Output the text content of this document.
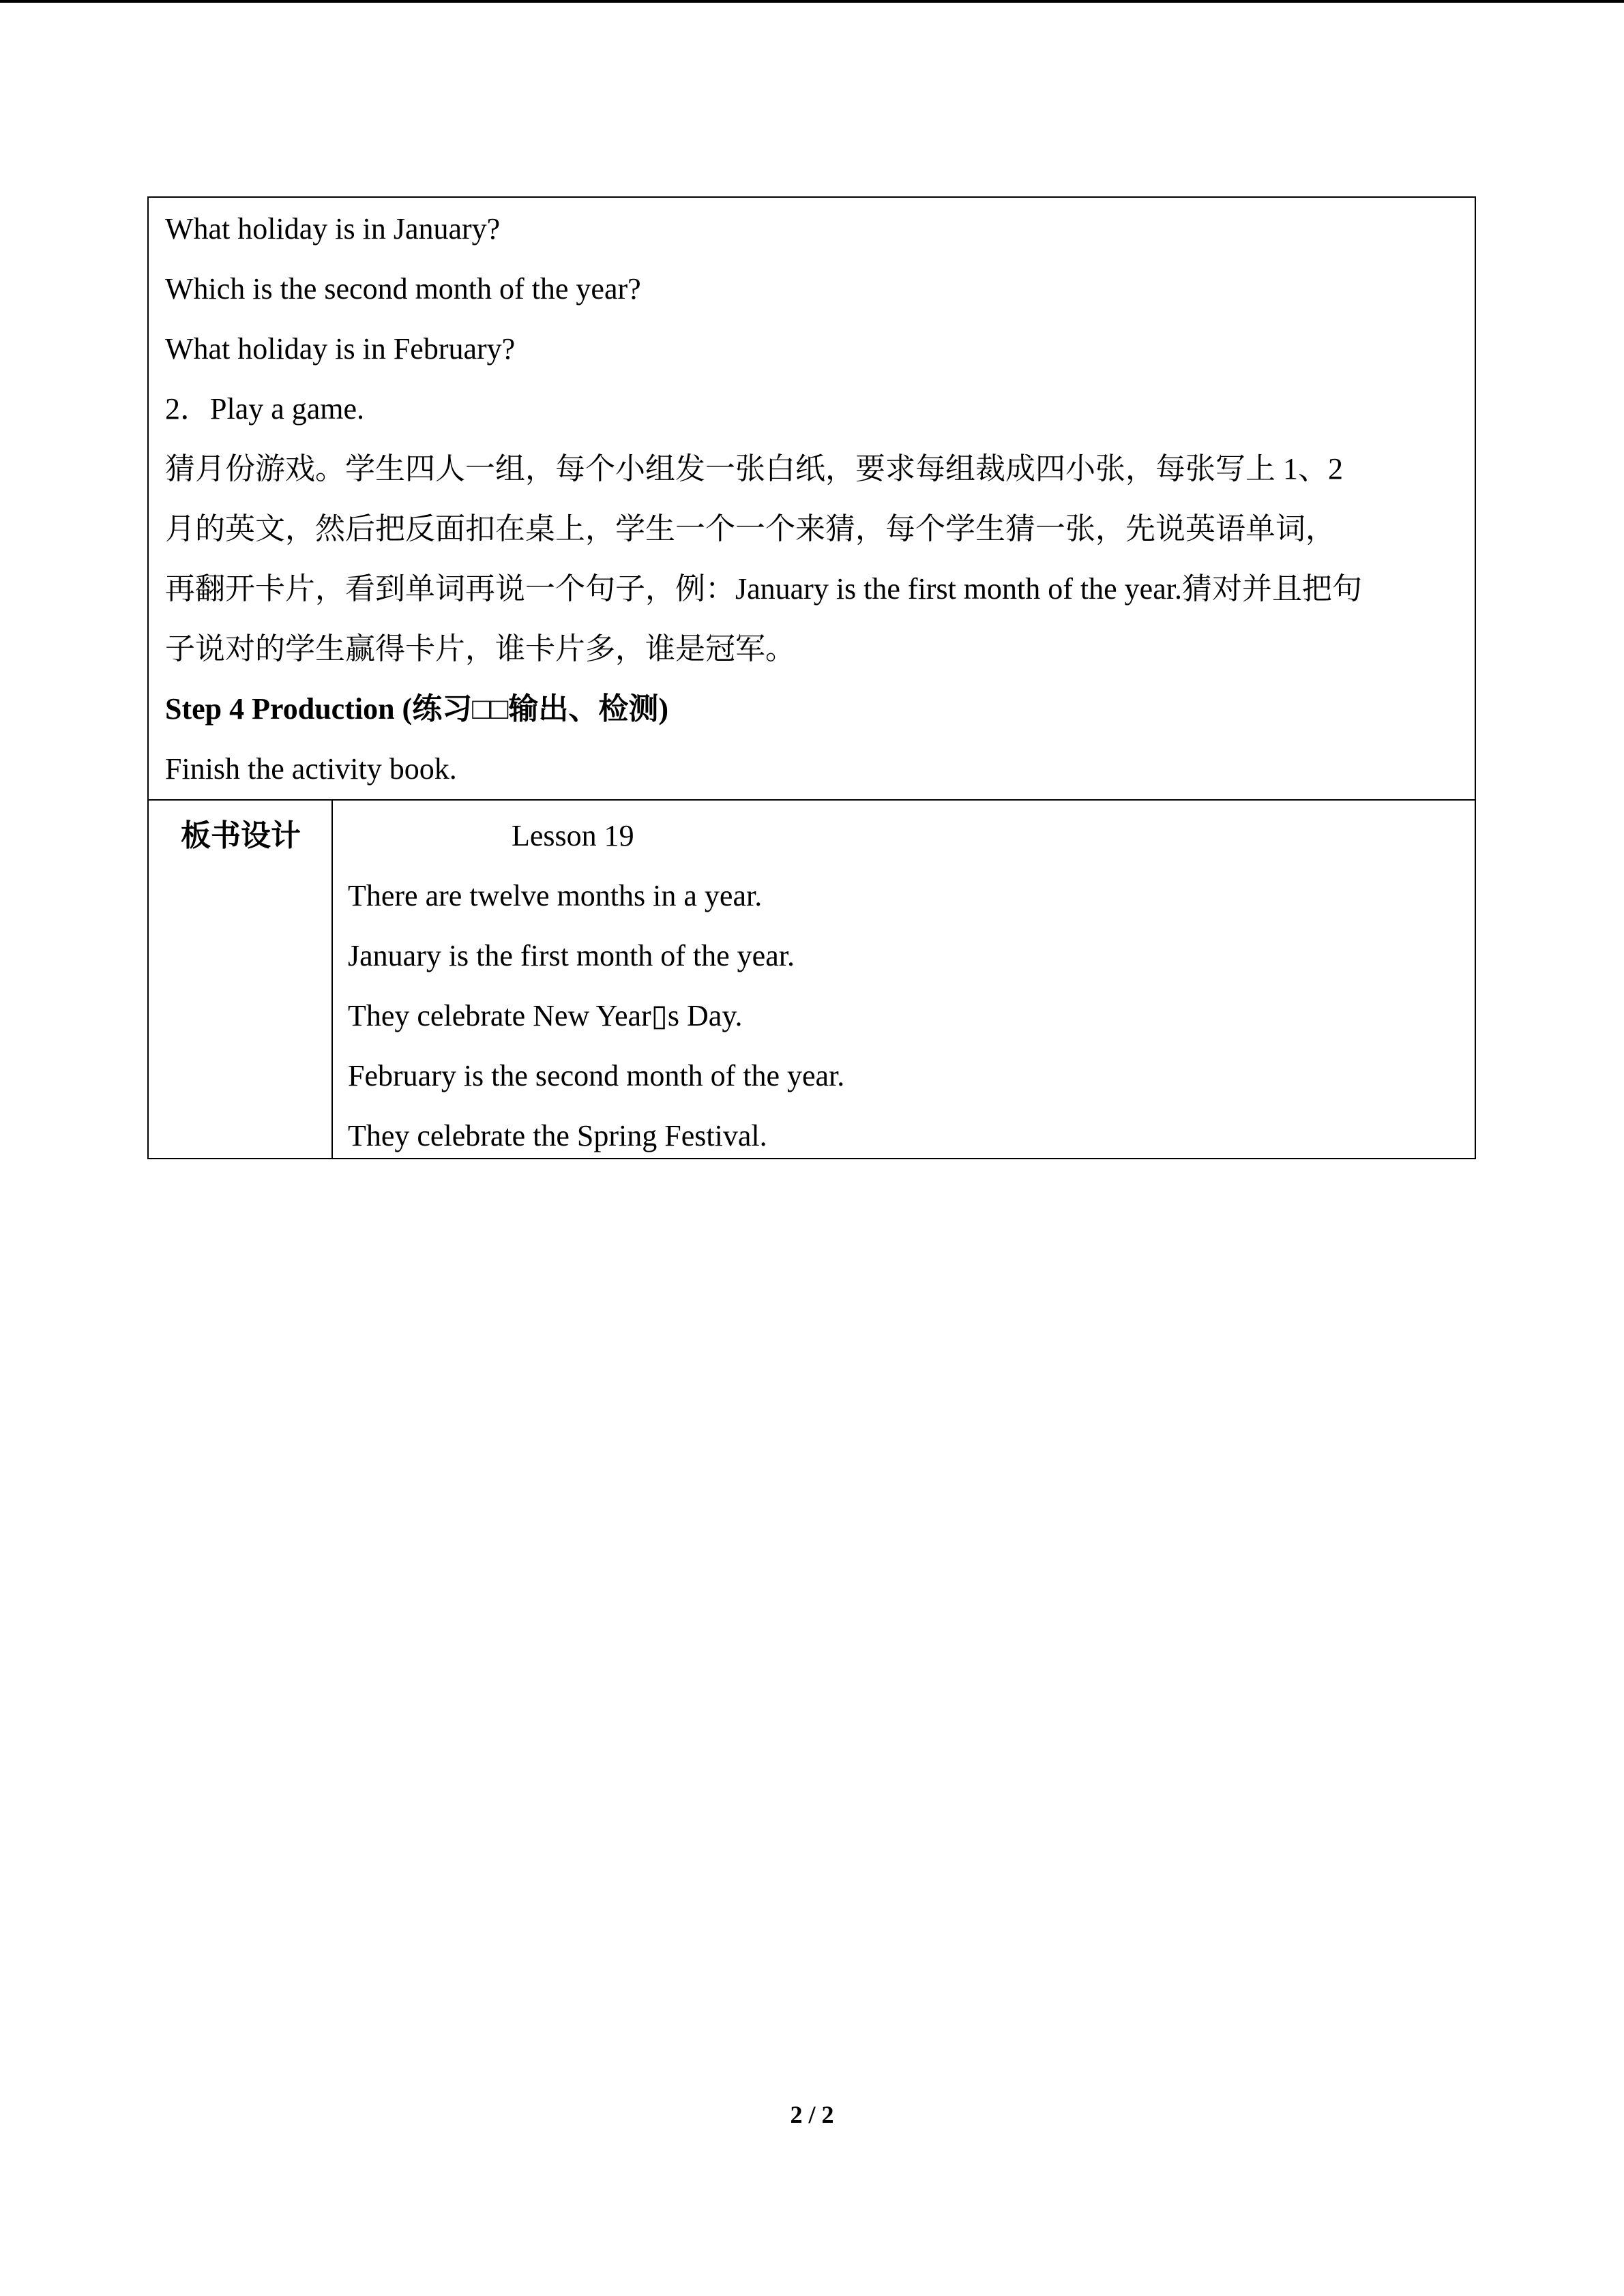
What holiday is in January?
Which is the second month of the year?
What holiday is in February?
2．Play a game.
猜月份游戏。学生四人一组，每个小组发一张白纸，要求每组裁成四小张，每张写上 1、2
月的英文，然后把反面扣在桌上，学生一个一个来猜，每个学生猜一张，先说英语单词，
再翻开卡片，看到单词再说一个句子，例：January is the first month of the year.猜对并且把句
子说对的学生赢得卡片，谁卡片多，谁是冠军。
Step 4 Production (练习□□输出、检测)
Finish the activity book.
板书设计	Lesson 19
There are twelve months in a year.
January is the first month of the year.
They celebrate New Year▯s Day.
February is the second month of the year.
They celebrate the Spring Festival.
2 / 2
